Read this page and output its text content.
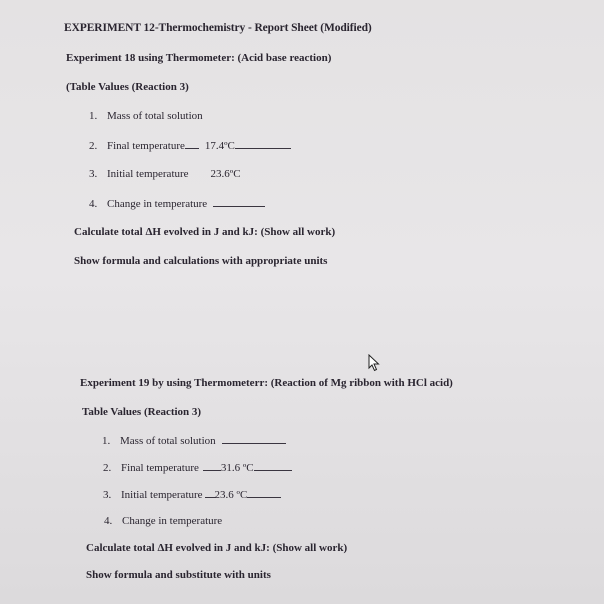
EXPERIMENT 12-Thermochemistry - Report Sheet (Modified)
Experiment 18 using Thermometer: (Acid base reaction)
(Table Values (Reaction 3)
1. Mass of total solution
2. Final temperature 17.4ºC
3. Initial temperature 23.6ºC
4. Change in temperature
Calculate total ΔH evolved in J and kJ: (Show all work)
Show formula and calculations with appropriate units
Experiment 19 by using Thermometerr: (Reaction of Mg ribbon with HCl acid)
Table Values (Reaction 3)
1. Mass of total solution
2. Final temperature 31.6 ºC
3. Initial temperature 23.6 ºC
4. Change in temperature
Calculate total ΔH evolved in J and kJ: (Show all work)
Show formula and substitute with units
